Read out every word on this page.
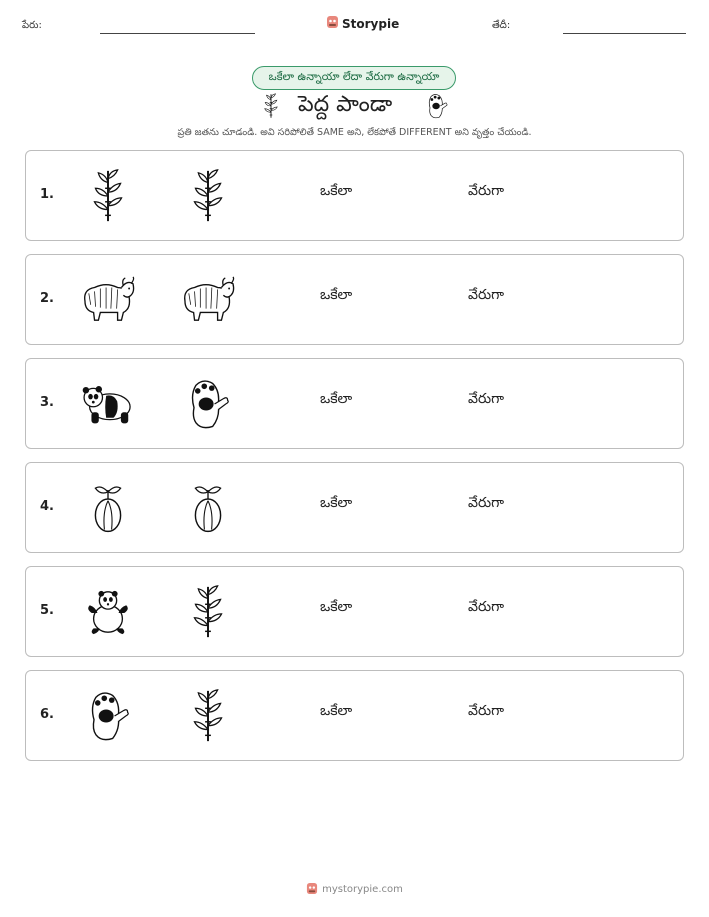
పేరు:	Storypie	తేదీ:
ఒకేలా ఉన్నాయా లేదా వేరుగా ఉన్నాయా
పెద్ద పాండా
ప్రతి జతను చూడండి. అవి సరిపోలితే SAME అని, లేకపోతే DIFFERENT అని వృత్తం చేయండి.
1.	ఒకేలా	వేరుగా
2.	ఒకేలా	వేరుగా
3.	ఒకేలా	వేరుగా
4.	ఒకేలా	వేరుగా
5.	ఒకేలా	వేరుగా
6.	ఒకేలా	వేరుగా
mystorypie.com
